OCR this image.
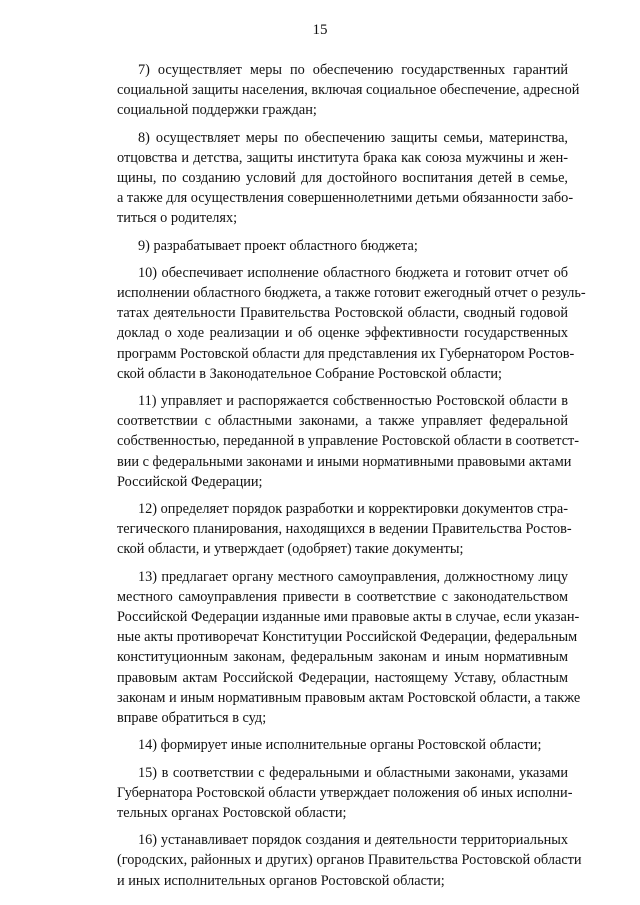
15
7) осуществляет меры по обеспечению государственных гарантий
социальной защиты населения, включая социальное обеспечение, адресной
социальной поддержки граждан;
8) осуществляет меры по обеспечению защиты семьи, материнства,
отцовства и детства, защиты института брака как союза мужчины и жен-
щины, по созданию условий для достойного воспитания детей в семье,
а также для осуществления совершеннолетними детьми обязанности забо-
титься о родителях;
9) разрабатывает проект областного бюджета;
10) обеспечивает исполнение областного бюджета и готовит отчет об
исполнении областного бюджета, а также готовит ежегодный отчет о резуль-
татах деятельности Правительства Ростовской области, сводный годовой
доклад о ходе реализации и об оценке эффективности государственных
программ Ростовской области для представления их Губернатором Ростов-
ской области в Законодательное Собрание Ростовской области;
11) управляет и распоряжается собственностью Ростовской области в
соответствии с областными законами, а также управляет федеральной
собственностью, переданной в управление Ростовской области в соответст-
вии с федеральными законами и иными нормативными правовыми актами
Российской Федерации;
12) определяет порядок разработки и корректировки документов стра-
тегического планирования, находящихся в ведении Правительства Ростов-
ской области, и утверждает (одобряет) такие документы;
13) предлагает органу местного самоуправления, должностному лицу
местного самоуправления привести в соответствие с законодательством
Российской Федерации изданные ими правовые акты в случае, если указан-
ные акты противоречат Конституции Российской Федерации, федеральным
конституционным законам, федеральным законам и иным нормативным
правовым актам Российской Федерации, настоящему Уставу, областным
законам и иным нормативным правовым актам Ростовской области, а также
вправе обратиться в суд;
14) формирует иные исполнительные органы Ростовской области;
15) в соответствии с федеральными и областными законами, указами
Губернатора Ростовской области утверждает положения об иных исполни-
тельных органах Ростовской области;
16) устанавливает порядок создания и деятельности территориальных
(городских, районных и других) органов Правительства Ростовской области
и иных исполнительных органов Ростовской области;
